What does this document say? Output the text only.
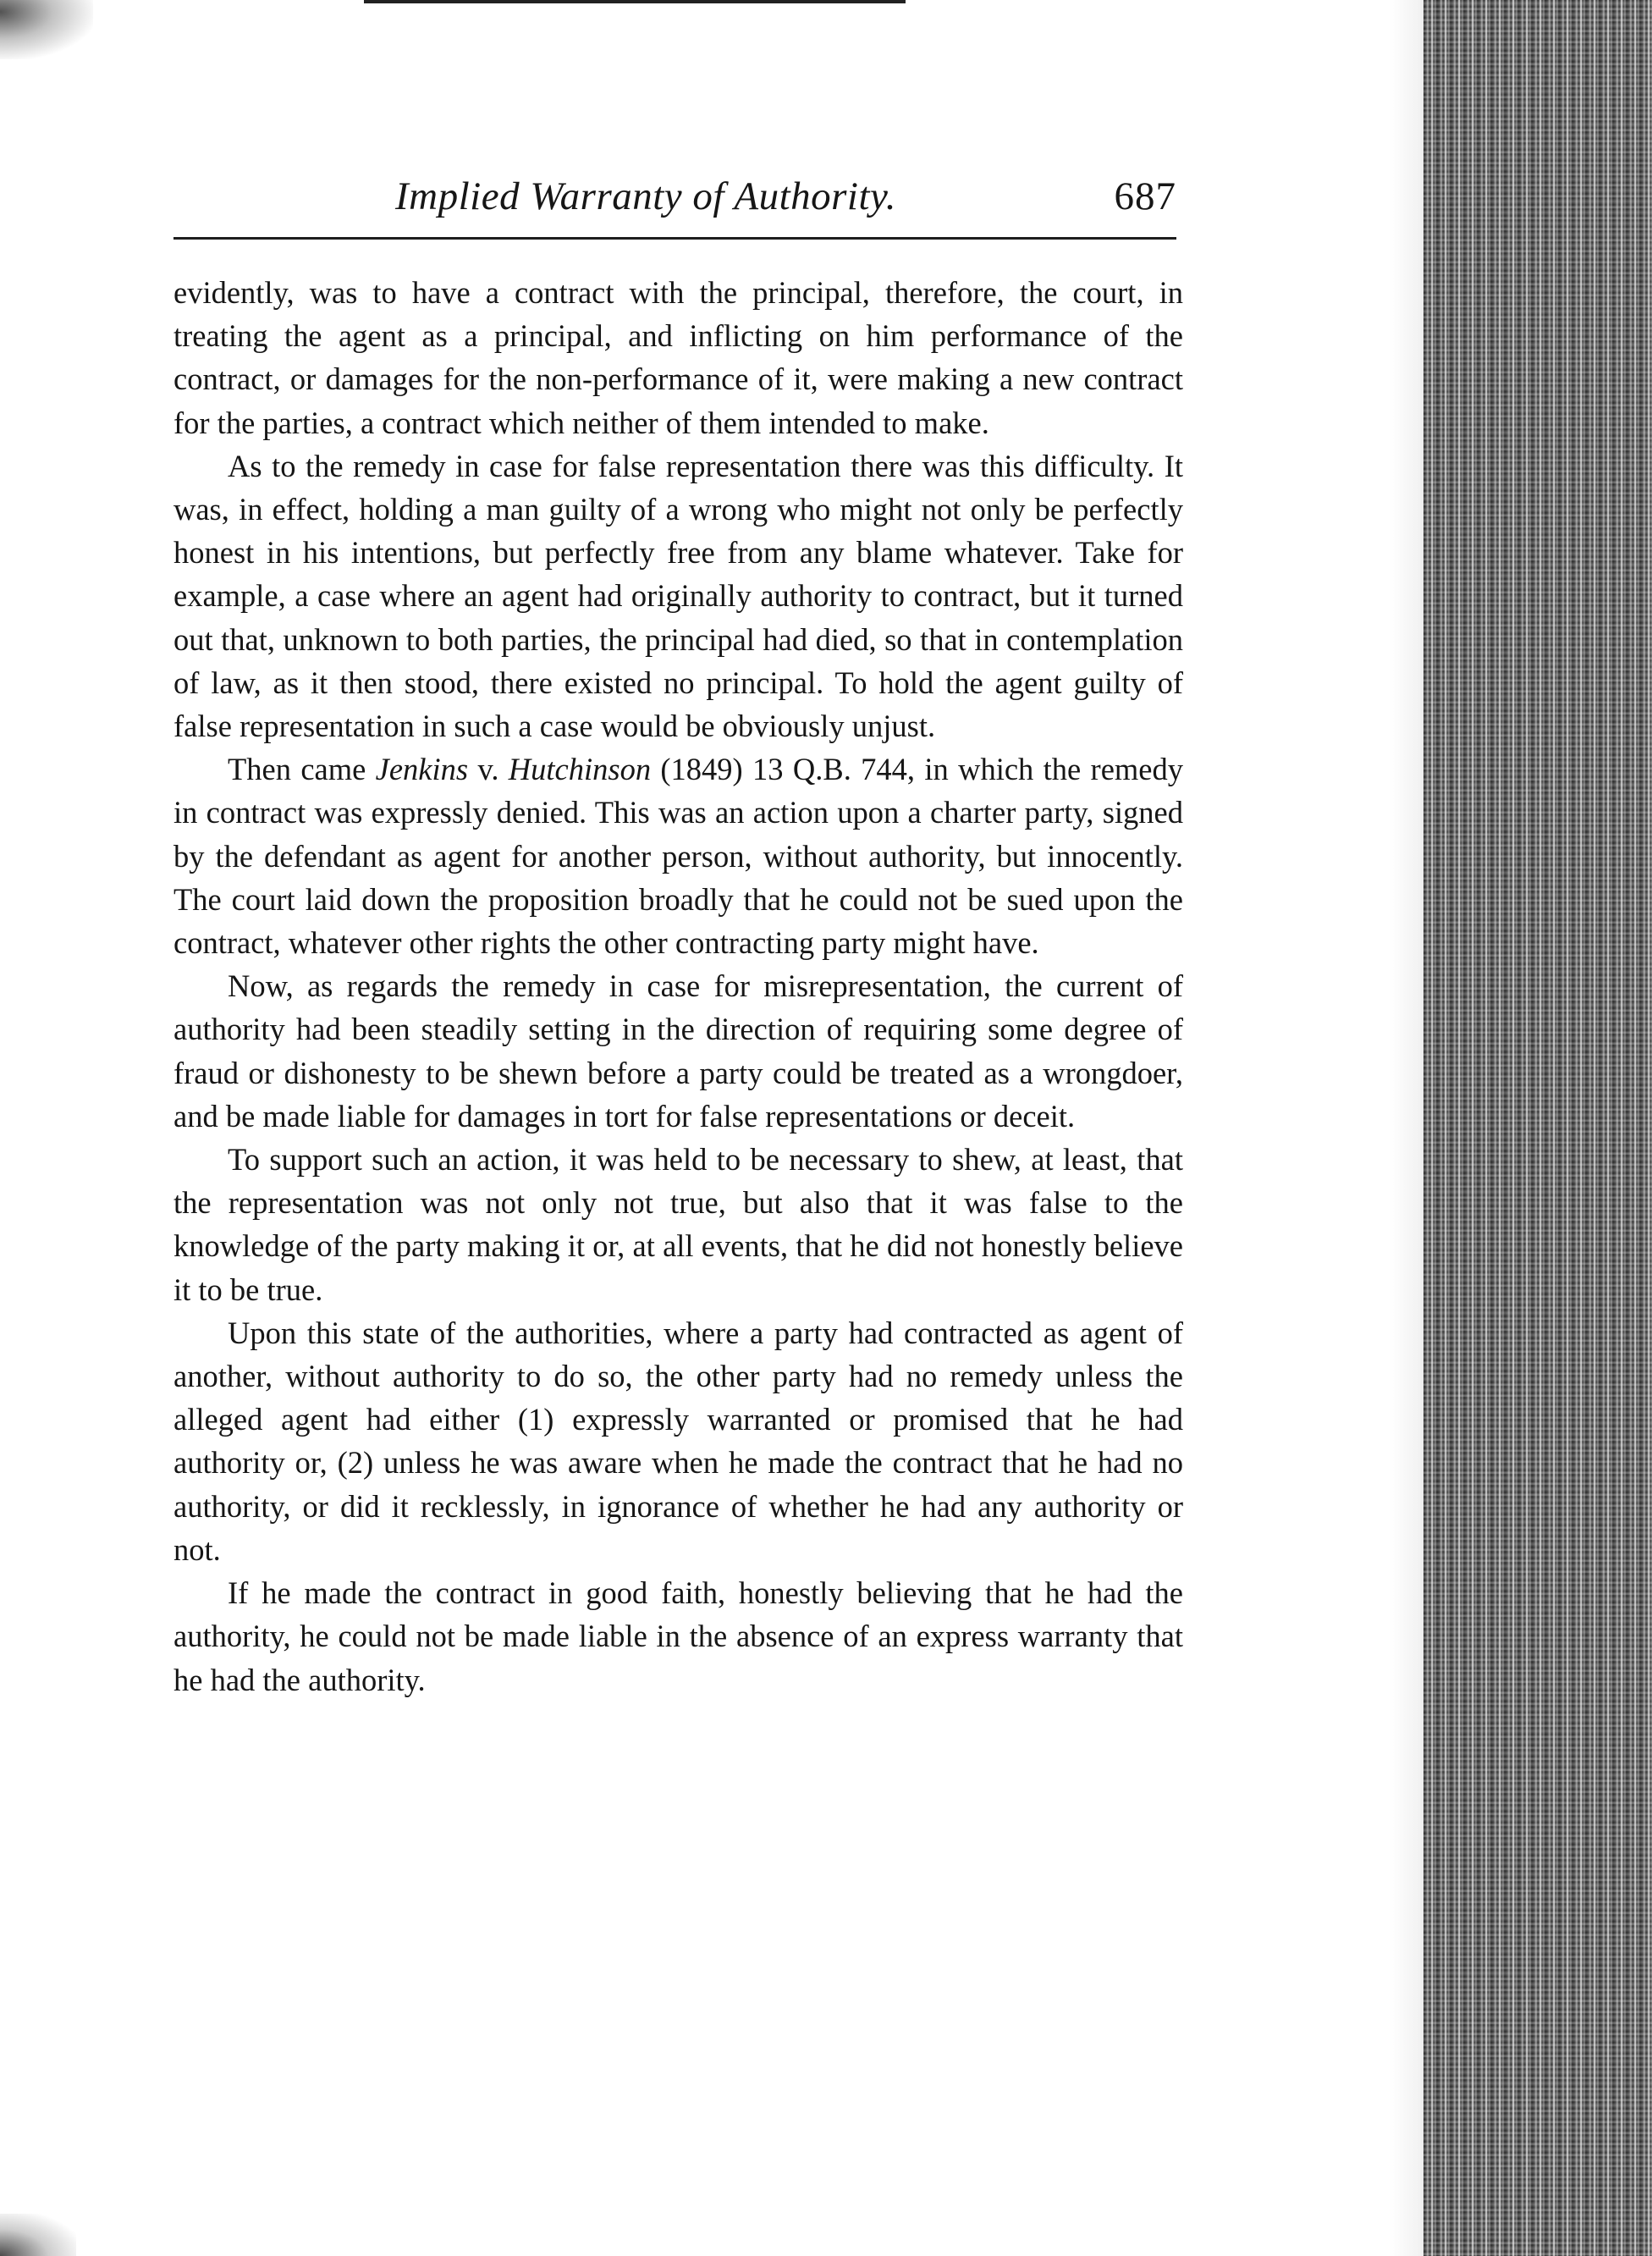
Implied Warranty of Authority.	687

evidently, was to have a contract with the principal, therefore, the court, in treating the agent as a principal, and inflicting on him performance of the contract, or damages for the non-performance of it, were making a new contract for the parties, a contract which neither of them intended to make.

As to the remedy in case for false representation there was this difficulty. It was, in effect, holding a man guilty of a wrong who might not only be perfectly honest in his intentions, but perfectly free from any blame whatever. Take for example, a case where an agent had originally authority to contract, but it turned out that, unknown to both parties, the principal had died, so that in contemplation of law, as it then stood, there existed no principal. To hold the agent guilty of false representation in such a case would be obviously unjust.

Then came Jenkins v. Hutchinson (1849) 13 Q.B. 744, in which the remedy in contract was expressly denied. This was an action upon a charter party, signed by the defendant as agent for another person, without authority, but innocently. The court laid down the proposition broadly that he could not be sued upon the contract, whatever other rights the other contracting party might have.

Now, as regards the remedy in case for misrepresentation, the current of authority had been steadily setting in the direction of requiring some degree of fraud or dishonesty to be shewn before a party could be treated as a wrongdoer, and be made liable for damages in tort for false representations or deceit.

To support such an action, it was held to be necessary to shew, at least, that the representation was not only not true, but also that it was false to the knowledge of the party making it or, at all events, that he did not honestly believe it to be true.

Upon this state of the authorities, where a party had contracted as agent of another, without authority to do so, the other party had no remedy unless the alleged agent had either (1) expressly warranted or promised that he had authority or, (2) unless he was aware when he made the contract that he had no authority, or did it recklessly, in ignorance of whether he had any authority or not.

If he made the contract in good faith, honestly believing that he had the authority, he could not be made liable in the absence of an express warranty that he had the authority.
